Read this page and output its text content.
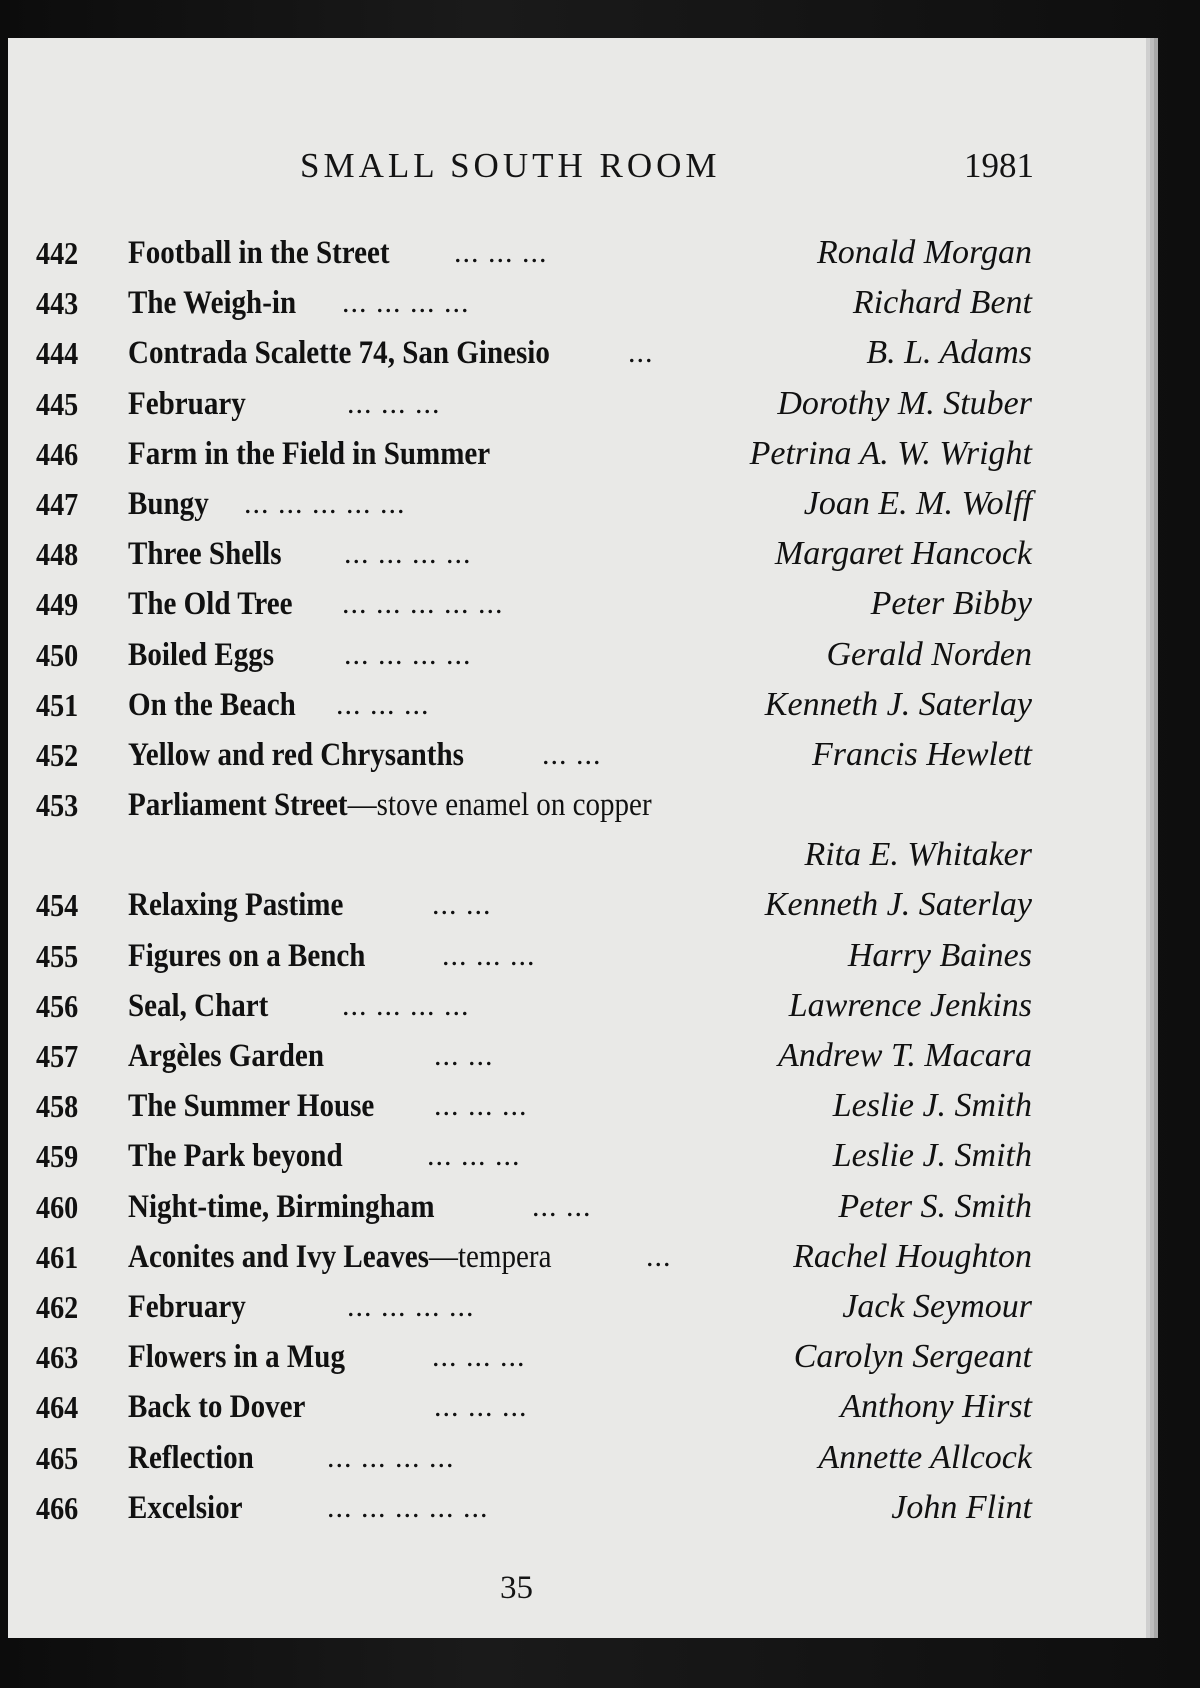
SMALL SOUTH ROOM	1981
442 Football in the Street ... ... ...	Ronald Morgan
443 The Weigh-in ... ... ... ...	Richard Bent
444 Contrada Scalette 74, San Ginesio	...	B. L. Adams
445 February	... ... ...	Dorothy M. Stuber
446 Farm in the Field in Summer	Petrina A. W. Wright
447 Bungy ... ... ... ... ...	Joan E. M. Wolff
448 Three Shells ... ... ... ...	Margaret Hancock
449 The Old Tree ... ... ... ... ...	Peter Bibby
450 Boiled Eggs ... ... ... ...	Gerald Norden
451 On the Beach ... ... ...	Kenneth J. Saterlay
452 Yellow and red Chrysanths	... ...	Francis Hewlett
453 Parliament Street—stove enamel on copper
Rita E. Whitaker
454 Relaxing Pastime	... ...	Kenneth J. Saterlay
455 Figures on a Bench	... ... ...	Harry Baines
456 Seal, Chart ... ... ... ...	Lawrence Jenkins
457 Argèles Garden	... ...	Andrew T. Macara
458 The Summer House ... ... ...	Leslie J. Smith
459 The Park beyond	... ... ...	Leslie J. Smith
460 Night-time, Birmingham	... ...	Peter S. Smith
461 Aconites and Ivy Leaves—tempera	...	Rachel Houghton
462 February	... ... ... ...	Jack Seymour
463 Flowers in a Mug	... ... ...	Carolyn Sergeant
464 Back to Dover	... ... ...	Anthony Hirst
465 Reflection ... ... ... ...	Annette Allcock
466 Excelsior	... ... ... ... ...	John Flint
35
